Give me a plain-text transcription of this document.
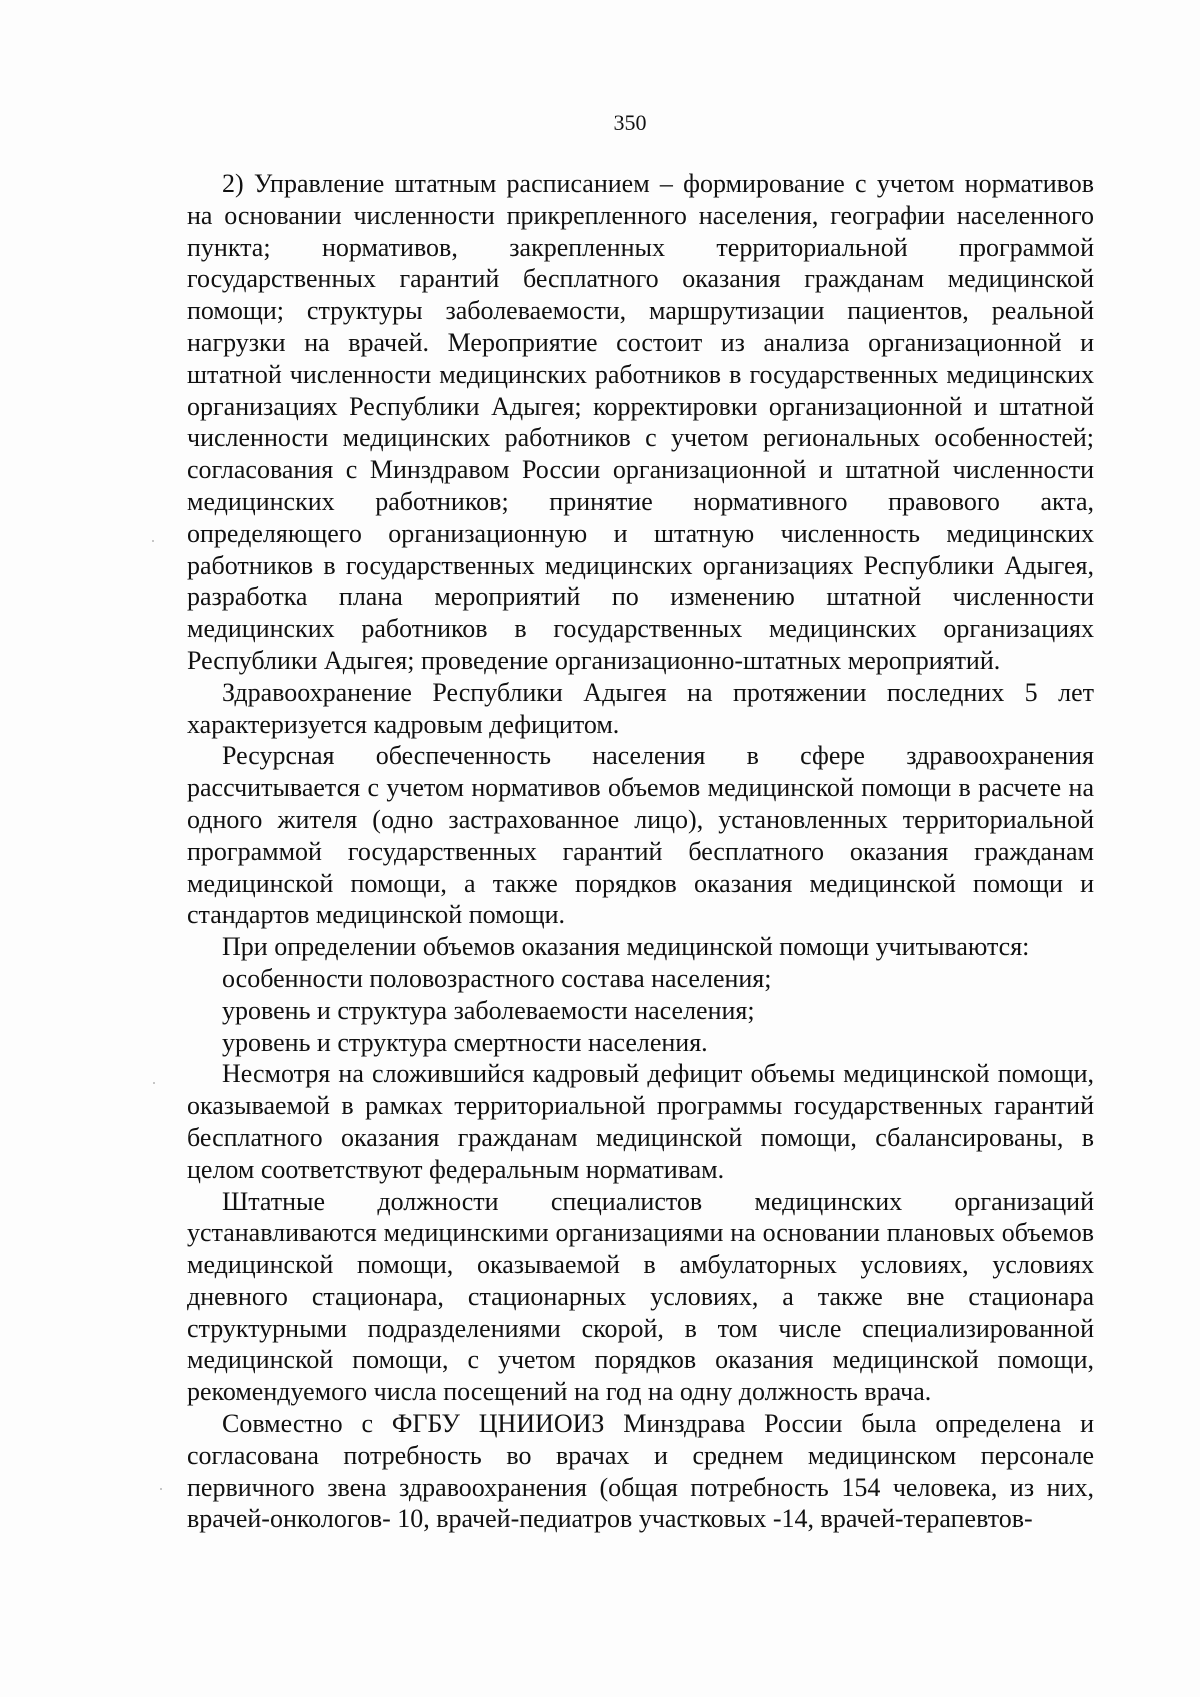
350

2) Управление штатным расписанием – формирование с учетом нормативов на основании численности прикрепленного населения, географии населенного пункта; нормативов, закрепленных территориальной программой государственных гарантий бесплатного оказания гражданам медицинской помощи; структуры заболеваемости, маршрутизации пациентов, реальной нагрузки на врачей. Мероприятие состоит из анализа организационной и штатной численности медицинских работников в государственных медицинских организациях Республики Адыгея; корректировки организационной и штатной численности медицинских работников с учетом региональных особенностей; согласования с Минздравом России организационной и штатной численности медицинских работников; принятие нормативного правового акта, определяющего организационную и штатную численность медицинских работников в государственных медицинских организациях Республики Адыгея, разработка плана мероприятий по изменению штатной численности медицинских работников в государственных медицинских организациях Республики Адыгея; проведение организационно-штатных мероприятий.

Здравоохранение Республики Адыгея на протяжении последних 5 лет характеризуется кадровым дефицитом.

Ресурсная обеспеченность населения в сфере здравоохранения рассчитывается с учетом нормативов объемов медицинской помощи в расчете на одного жителя (одно застрахованное лицо), установленных территориальной программой государственных гарантий бесплатного оказания гражданам медицинской помощи, а также порядков оказания медицинской помощи и стандартов медицинской помощи.

При определении объемов оказания медицинской помощи учитываются:

особенности половозрастного состава населения;

уровень и структура заболеваемости населения;

уровень и структура смертности населения.

Несмотря на сложившийся кадровый дефицит объемы медицинской помощи, оказываемой в рамках территориальной программы государственных гарантий бесплатного оказания гражданам медицинской помощи, сбалансированы, в целом соответствуют федеральным нормативам.

Штатные должности специалистов медицинских организаций устанавливаются медицинскими организациями на основании плановых объемов медицинской помощи, оказываемой в амбулаторных условиях, условиях дневного стационара, стационарных условиях, а также вне стационара структурными подразделениями скорой, в том числе специализированной медицинской помощи, с учетом порядков оказания медицинской помощи, рекомендуемого числа посещений на год на одну должность врача.

Совместно с ФГБУ ЦНИИОИЗ Минздрава России была определена и согласована потребность во врачах и среднем медицинском персонале первичного звена здравоохранения (общая потребность 154 человека, из них, врачей-онкологов- 10, врачей-педиатров участковых -14, врачей-терапевтов-
